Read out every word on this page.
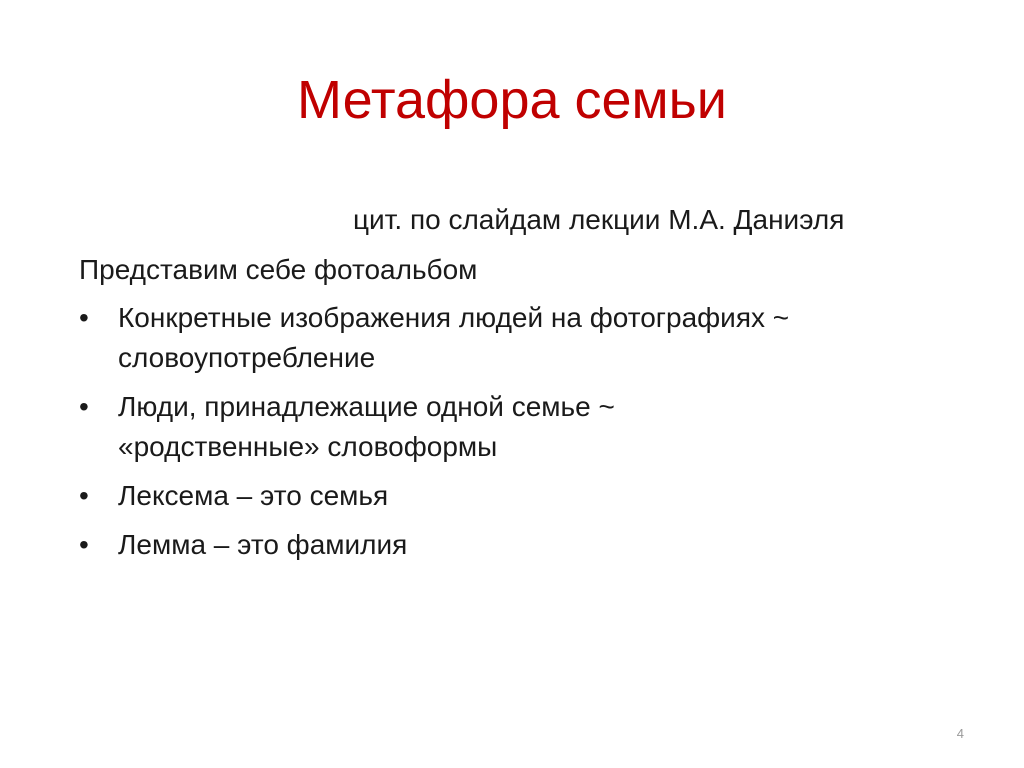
Метафора семьи
цит. по слайдам лекции М.А. Даниэля
Представим себе фотоальбом
• Конкретные изображения людей на фотографиях ~
словоупотребление
• Люди, принадлежащие одной семье ~
«родственные» словоформы
• Лексема – это семья
• Лемма – это фамилия
4
